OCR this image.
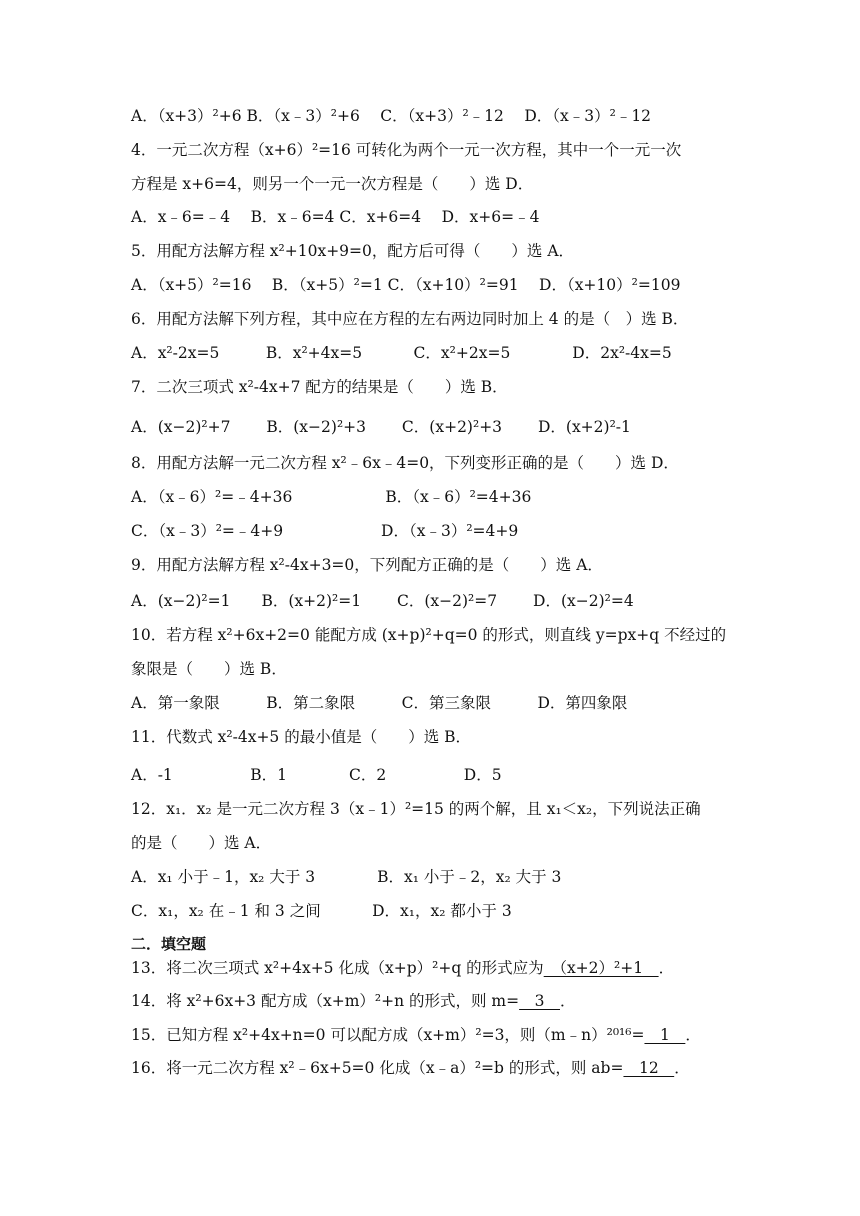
A．（x+3）²+6 B．（x﹣3）²+6　 C．（x+3）²﹣12　 D．（x﹣3）²﹣12
4．一元二次方程（x+6）²=16 可转化为两个一元一次方程，其中一个一元一次
方程是 x+6=4，则另一个一元一次方程是（　　）选 D．
A．x﹣6=﹣4　 B．x﹣6=4 C．x+6=4　 D．x+6=﹣4
5．用配方法解方程 x²+10x+9=0，配方后可得（　　）选 A．
A．（x+5）²=16　 B．（x+5）²=1 C．（x+10）²=91　 D．（x+10）²=109
6．用配方法解下列方程，其中应在方程的左右两边同时加上 4 的是（　）选 B．
A．x²-2x=5　　　B．x²+4x=5　　　 C．x²+2x=5　　　　D．2x²-4x=5
7．二次三项式 x²-4x+7 配方的结果是（　　）选 B．
A．(x−2)²+7　　 B．(x−2)²+3　　 C．(x+2)²+3　　 D．(x+2)²-1
8．用配方法解一元二次方程 x²﹣6x﹣4=0，下列变形正确的是（　　）选 D．
A．（x﹣6）²=﹣4+36　　　　　　B．（x﹣6）²=4+36
C．（x﹣3）²=﹣4+9　　　　　　 D．（x﹣3）²=4+9
9．用配方法解方程 x²-4x+3=0，下列配方正确的是（　　）选 A．
A．(x−2)²=1　　B．(x+2)²=1　　 C．(x−2)²=7　　 D．(x−2)²=4
10．若方程 x²+6x+2=0 能配方成 (x+p)²+q=0 的形式，则直线 y=px+q 不经过的
象限是（　　）选 B．
A．第一象限　　　B．第二象限　　　C．第三象限　　　D．第四象限
11．代数式 x²-4x+5 的最小值是（　　）选 B．
A．-1　　　　　B．1　　　　C．2　　　　　D．5
12．x₁．x₂ 是一元二次方程 3（x﹣1）²=15 的两个解，且 x₁＜x₂，下列说法正确
的是（　　）选 A．
A．x₁ 小于﹣1，x₂ 大于 3　　　　B．x₁ 小于﹣2，x₂ 大于 3
C．x₁，x₂ 在﹣1 和 3 之间　　　 D．x₁，x₂ 都小于 3
二．填空题
13．将二次三项式 x²+4x+5 化成（x+p）²+q 的形式应为　（x+2）²+1　．
14．将 x²+6x+3 配方成（x+m）²+n 的形式，则 m=　3　．
15．已知方程 x²+4x+n=0 可以配方成（x+m）²=3，则（m﹣n）²⁰¹⁶=　1　．
16．将一元二次方程 x²﹣6x+5=0 化成（x﹣a）²=b 的形式，则 ab=　12　．
